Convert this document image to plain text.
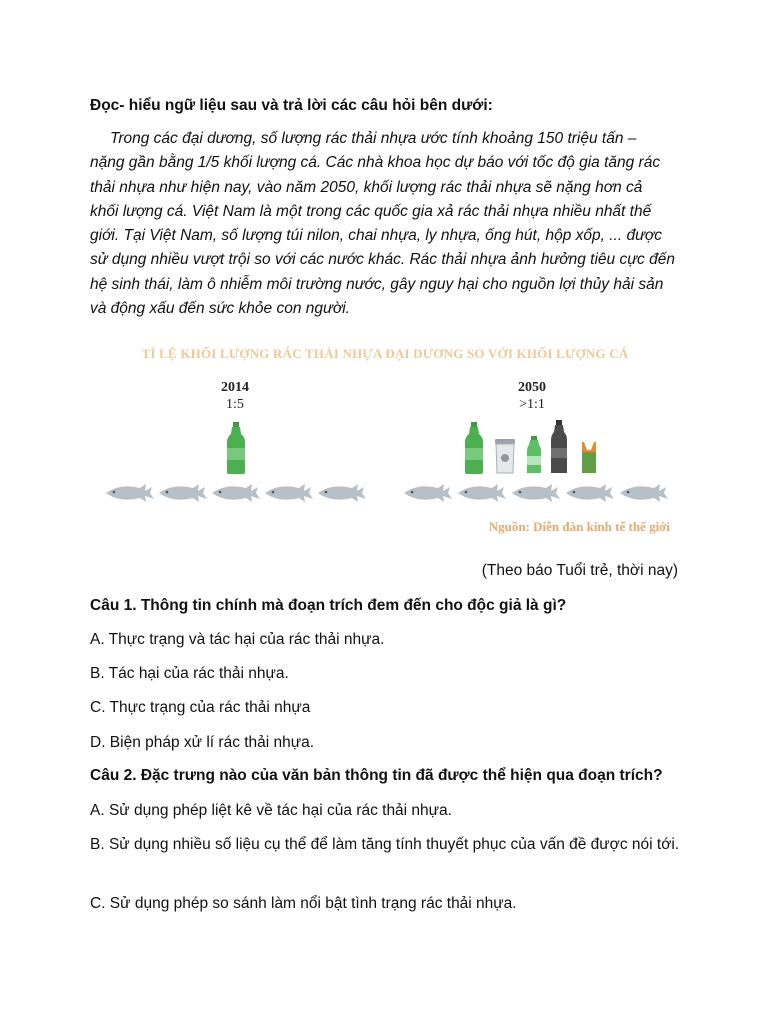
Đọc- hiểu ngữ liệu sau và trả lời các câu hỏi bên dưới:

Trong các đại dương, số lượng rác thải nhựa ước tính khoảng 150 triệu tấn – nặng gần bằng 1/5 khối lượng cá. Các nhà khoa học dự báo với tốc độ gia tăng rác thải nhựa như hiện nay, vào năm 2050, khối lượng rác thải nhựa sẽ nặng hơn cả khối lượng cá. Việt Nam là một trong các quốc gia xả rác thải nhựa nhiều nhất thế giới. Tại Việt Nam, số lượng túi nilon, chai nhựa, ly nhựa, ống hút, hộp xốp, ... được sử dụng nhiều vượt trội so với các nước khác. Rác thải nhựa ảnh hưởng tiêu cực đến hệ sinh thái, làm ô nhiễm môi trường nước, gây nguy hại cho nguồn lợi thủy hải sản và động xấu đến sức khỏe con người.

TỈ LỆ KHỐI LƯỢNG RÁC THẢI NHỰA ĐẠI DƯƠNG SO VỚI KHỐI LƯỢNG CÁ
2014
1:5
2050
>1:1
Nguồn: Diễn đàn kinh tế thế giới
(Theo báo Tuổi trẻ, thời nay)
Câu 1. Thông tin chính mà đoạn trích đem đến cho độc giả là gì?
A. Thực trạng và tác hại của rác thải nhựa.
B. Tác hại của rác thải nhựa.
C. Thực trạng của rác thải nhựa
D. Biện pháp xử lí rác thải nhựa.
Câu 2. Đặc trưng nào của văn bản thông tin đã được thể hiện qua đoạn trích?
A. Sử dụng phép liệt kê về tác hại của rác thải nhựa.
B. Sử dụng nhiều số liệu cụ thể để làm tăng tính thuyết phục của vấn đề được nói tới.
C. Sử dụng phép so sánh làm nổi bật tình trạng rác thải nhựa.
